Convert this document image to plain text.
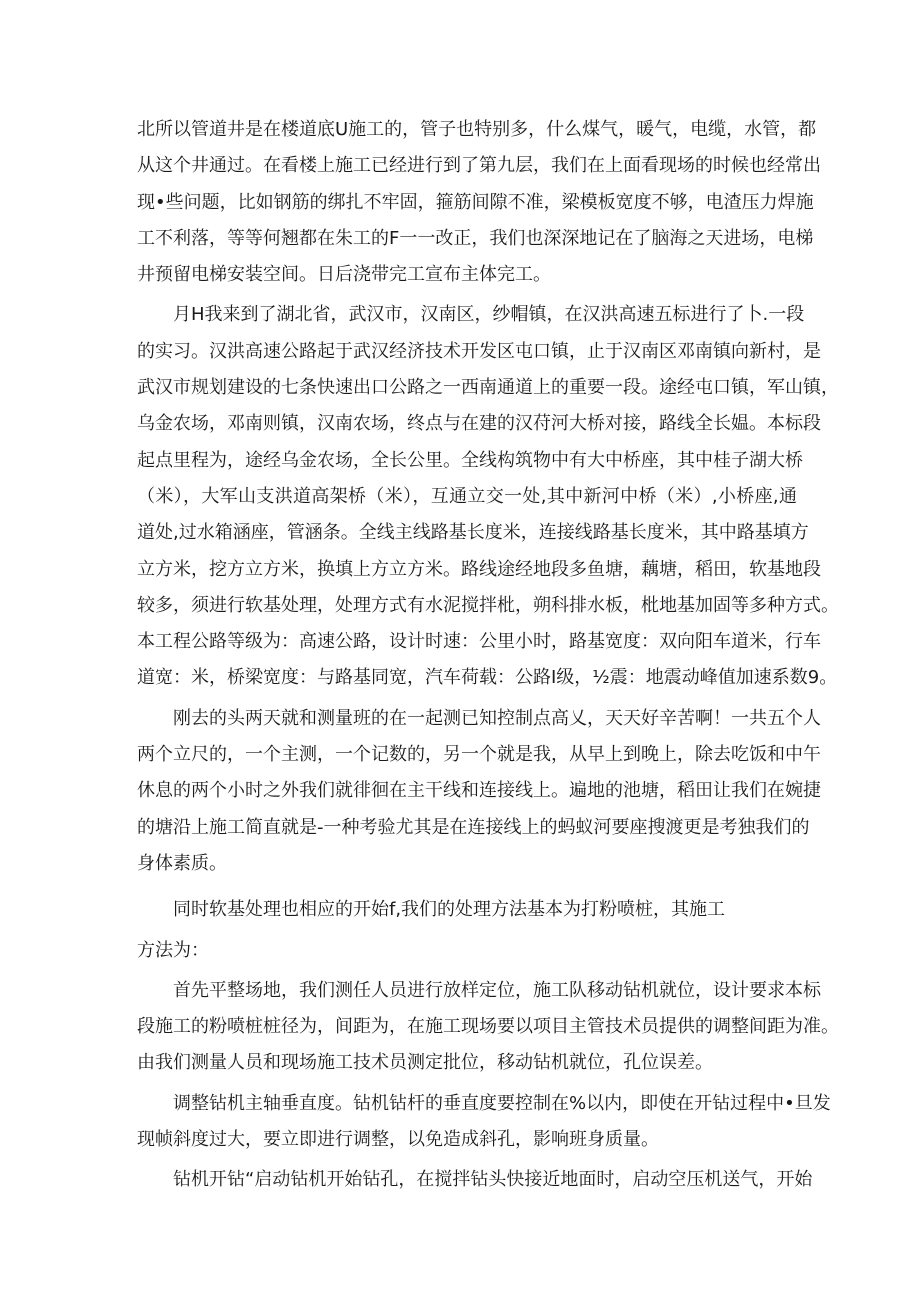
北所以管道井是在楼道底U施工的，管子也特别多，什么煤气，暖气，电缆，水管，都
从这个井通过。在看楼上施工已经进行到了第九层，我们在上面看现场的时候也经常出
现•些问题，比如钢筋的绑扎不牢固，箍筋间隙不准，梁模板宽度不够，电渣压力焊施
工不利落，等等何翘都在朱工的F一一改正，我们也深深地记在了脑海之天进场，电梯
井预留电梯安装空间。日后浇带完工宣布主体完工。
月H我来到了湖北省，武汉市，汉南区，纱帽镇，在汉洪高速五标进行了卜.一段
的实习。汉洪高速公路起于武汉经济技术开发区屯口镇，止于汉南区邓南镇向新村，是
武汉市规划建设的七条快速出口公路之一西南通道上的重要一段。途经屯口镇，军山镇，
乌金农场，邓南则镇，汉南农场，终点与在建的汉苻河大桥对接，路线全长媪。本标段
起点里程为，途经乌金农场，全长公里。全线构筑物中有大中桥座，其中桂子湖大桥
（米），大军山支洪道高架桥（米），互通立交一处,其中新河中桥（米）,小桥座,通
道处,过水箱涵座，管涵条。全线主线路基长度米，连接线路基长度米，其中路基填方
立方米，挖方立方米，换填上方立方米。路线途经地段多鱼塘，藕塘，稻田，软基地段
较多，须进行软基处理，处理方式有水泥搅拌枇，朔科排水板，枇地基加固等多种方式。
本工程公路等级为：高速公路，设计时速：公里小时，路基宽度：双向阳车道米，行车
道宽：米，桥梁宽度：与路基同宽，汽车荷载：公路Ⅰ级，½震：地震动峰值加速系数9。
刚去的头两天就和测量班的在一起测已知控制点高乂，天天好辛苦啊！一共五个人
两个立尺的，一个主测，一个记数的，另一个就是我，从早上到晚上，除去吃饭和中午
休息的两个小时之外我们就徘徊在主干线和连接线上。遍地的池塘，稻田让我们在婉捷
的塘沿上施工简直就是-一种考验尤其是在连接线上的蚂蚁河要座搜渡更是考独我们的
身体素质。
同时软基处理也相应的开始f,我们的处理方法基本为打粉喷桩，其施工
方法为：
首先平整场地，我们测任人员进行放样定位，施工队移动钻机就位，设计要求本标
段施工的粉喷桩桩径为，间距为，在施工现场要以项目主管技术员提供的调整间距为准。
由我们测量人员和现场施工技术员测定批位，移动钻机就位，孔位误差。
调整钻机主轴垂直度。钻机钻杆的垂直度要控制在%以内，即使在开钻过程中•旦发
现帧斜度过大，要立即进行调整，以免造成斜孔，影响班身质量。
钻机开钻“启动钻机开始钻孔，在搅拌钻头快接近地面时，启动空压机送气，开始
